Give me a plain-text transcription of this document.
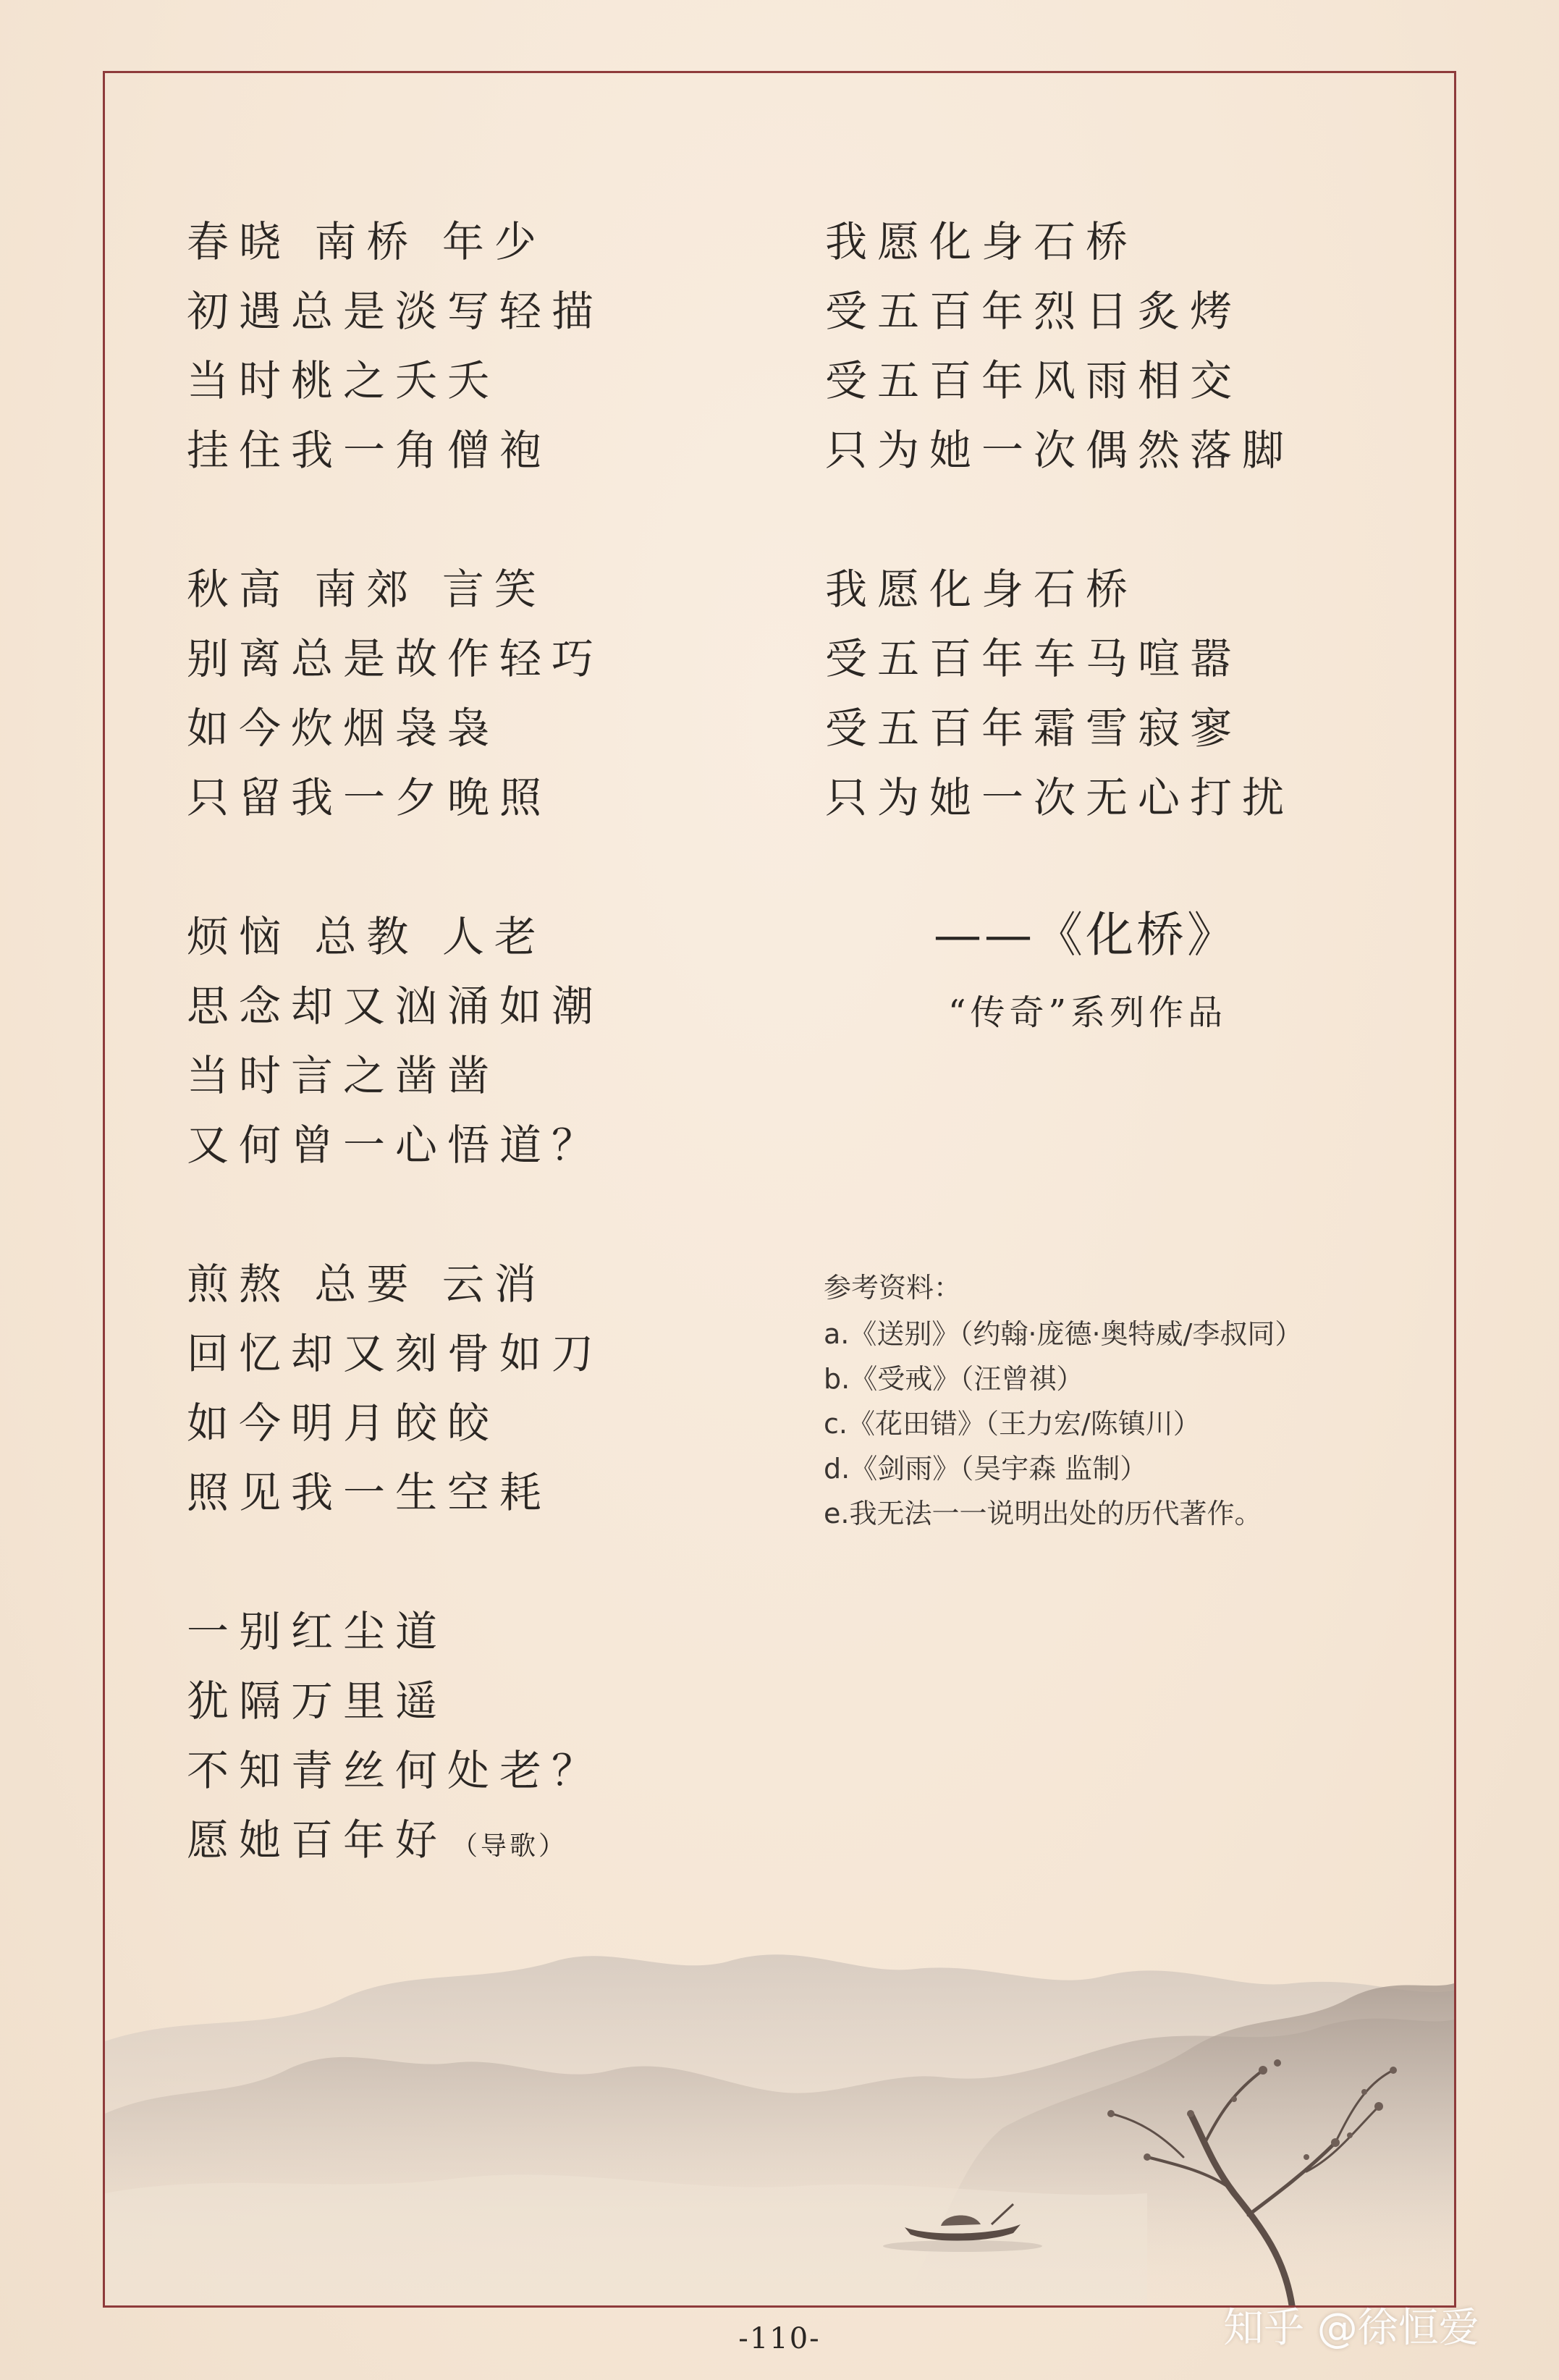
春晓 南桥 年少
初遇总是淡写轻描
当时桃之夭夭
挂住我一角僧袍
秋高 南郊 言笑
别离总是故作轻巧
如今炊烟袅袅
只留我一夕晚照
烦恼 总教 人老
思念却又汹涌如潮
当时言之凿凿
又何曾一心悟道？
煎熬 总要 云消
回忆却又刻骨如刀
如今明月皎皎
照见我一生空耗
一别红尘道
犹隔万里遥
不知青丝何处老？
愿她百年好 （导歌）
我愿化身石桥
受五百年烈日炙烤
受五百年风雨相交
只为她一次偶然落脚
我愿化身石桥
受五百年车马喧嚣
受五百年霜雪寂寥
只为她一次无心打扰
——《化桥》
“传奇”系列作品
参考资料：
a.《送别》（约翰·庞德·奥特威/李叔同）
b.《受戒》（汪曾祺）
c.《花田错》（王力宏/陈镇川）
d.《剑雨》（吴宇森 监制）
e.我无法一一说明出处的历代著作。
-110-	知乎 @徐恒爱
